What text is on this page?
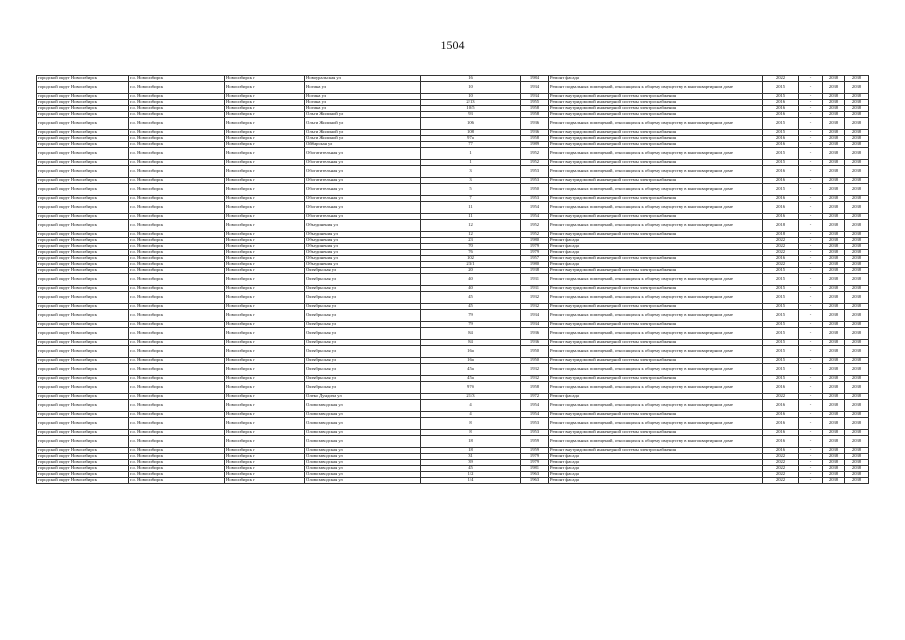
1504
городской округ Новосибирск	г.о. Новосибирск	Новосибирск г	Новоуральская ул	16	1984	Ремонт фасада	2022	-	2038	2038
городской округ Новосибирск	г.о. Новосибирск	Новосибирск г	Ногина ул	10	1934	Ремонт подвальных помещений, относящихся к общему имуществу в многоквартирном доме	2015	-	2038	2038
городской округ Новосибирск	г.о. Новосибирск	Новосибирск г	Ногина ул	10	1934	Ремонт внутридомовой инженерной системы электроснабжения	2015	-	2038	2038
городской округ Новосибирск	г.о. Новосибирск	Новосибирск г	Ногина ул	2/13	1955	Ремонт внутридомовой инженерной системы электроснабжения	2016	-	2038	2038
городской округ Новосибирск	г.о. Новосибирск	Новосибирск г	Ногина ул	10/5	1958	Ремонт внутридомовой инженерной системы электроснабжения	2016	-	2038	2038
городской округ Новосибирск	г.о. Новосибирск	Новосибирск г	Ольги Жилиной ул	93	1958	Ремонт внутридомовой инженерной системы электроснабжения	2016	-	2038	2038
городской округ Новосибирск	г.о. Новосибирск	Новосибирск г	Ольги Жилиной ул	106	1936	Ремонт подвальных помещений, относящихся к общему имуществу в многоквартирном доме	2015	-	2038	2038
городской округ Новосибирск	г.о. Новосибирск	Новосибирск г	Ольги Жилиной ул	108	1936	Ремонт внутридомовой инженерной системы электроснабжения	2015	-	2038	2038
городской округ Новосибирск	г.о. Новосибирск	Новосибирск г	Ольги Жилиной ул	97а	1958	Ремонт внутридомовой инженерной системы электроснабжения	2016	-	2038	2038
городской округ Новосибирск	г.о. Новосибирск	Новосибирск г	Ойбарская ул	77	1989	Ремонт внутридомовой инженерной системы электроснабжения	2016	-	2038	2038
городской округ Новосибирск	г.о. Новосибирск	Новосибирск г	Обогатительная ул	1	1952	Ремонт подвальных помещений, относящихся к общему имуществу в многоквартирном доме	2015	-	2038	2038
городской округ Новосибирск	г.о. Новосибирск	Новосибирск г	Обогатительная ул	1	1952	Ремонт внутридомовой инженерной системы электроснабжения	2015	-	2038	2038
городской округ Новосибирск	г.о. Новосибирск	Новосибирск г	Обогатительная ул	3	1953	Ремонт подвальных помещений, относящихся к общему имуществу в многоквартирном доме	2016	-	2038	2038
городской округ Новосибирск	г.о. Новосибирск	Новосибирск г	Обогатительная ул	3	1953	Ремонт внутридомовой инженерной системы электроснабжения	2016	-	2038	2038
городской округ Новосибирск	г.о. Новосибирск	Новосибирск г	Обогатительная ул	5	1950	Ремонт подвальных помещений, относящихся к общему имуществу в многоквартирном доме	2015	-	2038	2038
городской округ Новосибирск	г.о. Новосибирск	Новосибирск г	Обогатительная ул	7	1953	Ремонт внутридомовой инженерной системы электроснабжения	2016	-	2038	2038
городской округ Новосибирск	г.о. Новосибирск	Новосибирск г	Обогатительная ул	11	1954	Ремонт подвальных помещений, относящихся к общему имуществу в многоквартирном доме	2016	-	2038	2038
городской округ Новосибирск	г.о. Новосибирск	Новосибирск г	Обогатительная ул	11	1954	Ремонт внутридомовой инженерной системы электроснабжения	2016	-	2038	2038
городской округ Новосибирск	г.о. Новосибирск	Новосибирск г	Объединения ул	12	1952	Ремонт подвальных помещений, относящихся к общему имуществу в многоквартирном доме	2018	-	2038	2038
городской округ Новосибирск	г.о. Новосибирск	Новосибирск г	Объединения ул	12	1952	Ремонт внутридомовой инженерной системы электроснабжения	2018	-	2038	2038
городской округ Новосибирск	г.о. Новосибирск	Новосибирск г	Объединения ул	23	1980	Ремонт фасада	2022	-	2038	2038
городской округ Новосибирск	г.о. Новосибирск	Новосибирск г	Объединения ул	70	1979	Ремонт фасада	2022	-	2038	2038
городской округ Новосибирск	г.о. Новосибирск	Новосибирск г	Объединения ул	76	1979	Ремонт фасада	2022	-	2038	2038
городской округ Новосибирск	г.о. Новосибирск	Новосибирск г	Объединения ул	102	1957	Ремонт внутридомовой инженерной системы электроснабжения	2016	-	2038	2038
городской округ Новосибирск	г.о. Новосибирск	Новосибирск г	Объединения ул	23/1	1980	Ремонт фасада	2022	-	2038	2038
городской округ Новосибирск	г.о. Новосибирск	Новосибирск г	Октябрьская ул	20	1938	Ремонт внутридомовой инженерной системы электроснабжения	2015	-	2038	2038
городской округ Новосибирск	г.о. Новосибирск	Новосибирск г	Октябрьская ул	40	1931	Ремонт подвальных помещений, относящихся к общему имуществу в многоквартирном доме	2015	-	2038	2038
городской округ Новосибирск	г.о. Новосибирск	Новосибирск г	Октябрьская ул	40	1931	Ремонт внутридомовой инженерной системы электроснабжения	2015	-	2038	2038
городской округ Новосибирск	г.о. Новосибирск	Новосибирск г	Октябрьская ул	45	1932	Ремонт подвальных помещений, относящихся к общему имуществу в многоквартирном доме	2015	-	2038	2038
городской округ Новосибирск	г.о. Новосибирск	Новосибирск г	Октябрьская ул	45	1932	Ремонт внутридомовой инженерной системы электроснабжения	2015	-	2038	2038
городской округ Новосибирск	г.о. Новосибирск	Новосибирск г	Октябрьская ул	79	1934	Ремонт подвальных помещений, относящихся к общему имуществу в многоквартирном доме	2015	-	2038	2038
городской округ Новосибирск	г.о. Новосибирск	Новосибирск г	Октябрьская ул	79	1934	Ремонт внутридомовой инженерной системы электроснабжения	2015	-	2038	2038
городской округ Новосибирск	г.о. Новосибирск	Новосибирск г	Октябрьская ул	84	1936	Ремонт подвальных помещений, относящихся к общему имуществу в многоквартирном доме	2015	-	2038	2038
городской округ Новосибирск	г.о. Новосибирск	Новосибирск г	Октябрьская ул	84	1936	Ремонт внутридомовой инженерной системы электроснабжения	2015	-	2038	2038
городской округ Новосибирск	г.о. Новосибирск	Новосибирск г	Октябрьская ул	16а	1950	Ремонт подвальных помещений, относящихся к общему имуществу в многоквартирном доме	2015	-	2038	2038
городской округ Новосибирск	г.о. Новосибирск	Новосибирск г	Октябрьская ул	16а	1950	Ремонт внутридомовой инженерной системы электроснабжения	2015	-	2038	2038
городской округ Новосибирск	г.о. Новосибирск	Новосибирск г	Октябрьская ул	45а	1932	Ремонт подвальных помещений, относящихся к общему имуществу в многоквартирном доме	2015	-	2038	2038
городской округ Новосибирск	г.о. Новосибирск	Новосибирск г	Октябрьская ул	45а	1932	Ремонт внутридомовой инженерной системы электроснабжения	2015	-	2038	2038
городской округ Новосибирск	г.о. Новосибирск	Новосибирск г	Октябрьская ул	97б	1958	Ремонт подвальных помещений, относящихся к общему имуществу в многоквартирном доме	2016	-	2038	2038
городской округ Новосибирск	г.о. Новосибирск	Новосибирск г	Олеко Дундича ул	21/3	1972	Ремонт фасада	2022	-	2038	2038
городской округ Новосибирск	г.о. Новосибирск	Новосибирск г	Оловозаводская ул	4	1954	Ремонт подвальных помещений, относящихся к общему имуществу в многоквартирном доме	2016	-	2038	2038
городской округ Новосибирск	г.о. Новосибирск	Новосибирск г	Оловозаводская ул	4	1954	Ремонт внутридомовой инженерной системы электроснабжения	2016	-	2038	2038
городской округ Новосибирск	г.о. Новосибирск	Новосибирск г	Оловозаводская ул	8	1953	Ремонт подвальных помещений, относящихся к общему имуществу в многоквартирном доме	2016	-	2038	2038
городской округ Новосибирск	г.о. Новосибирск	Новосибирск г	Оловозаводская ул	8	1953	Ремонт внутридомовой инженерной системы электроснабжения	2016	-	2038	2038
городской округ Новосибирск	г.о. Новосибирск	Новосибирск г	Оловозаводская ул	18	1959	Ремонт подвальных помещений, относящихся к общему имуществу в многоквартирном доме	2016	-	2038	2038
городской округ Новосибирск	г.о. Новосибирск	Новосибирск г	Оловозаводская ул	18	1959	Ремонт внутридомовой инженерной системы электроснабжения	2016	-	2038	2038
городской округ Новосибирск	г.о. Новосибирск	Новосибирск г	Оловозаводская ул	31	1979	Ремонт фасада	2022	-	2038	2038
городской округ Новосибирск	г.о. Новосибирск	Новосибирск г	Оловозаводская ул	39	1979	Ремонт фасада	2022	-	2038	2038
городской округ Новосибирск	г.о. Новосибирск	Новосибирск г	Оловозаводская ул	45	1981	Ремонт фасада	2022	-	2038	2038
городской округ Новосибирск	г.о. Новосибирск	Новосибирск г	Оловозаводская ул	1/2	1963	Ремонт фасада	2022	-	2038	2038
городской округ Новосибирск	г.о. Новосибирск	Новосибирск г	Оловозаводская ул	1/4	1963	Ремонт фасада	2022	-	2038	2038
